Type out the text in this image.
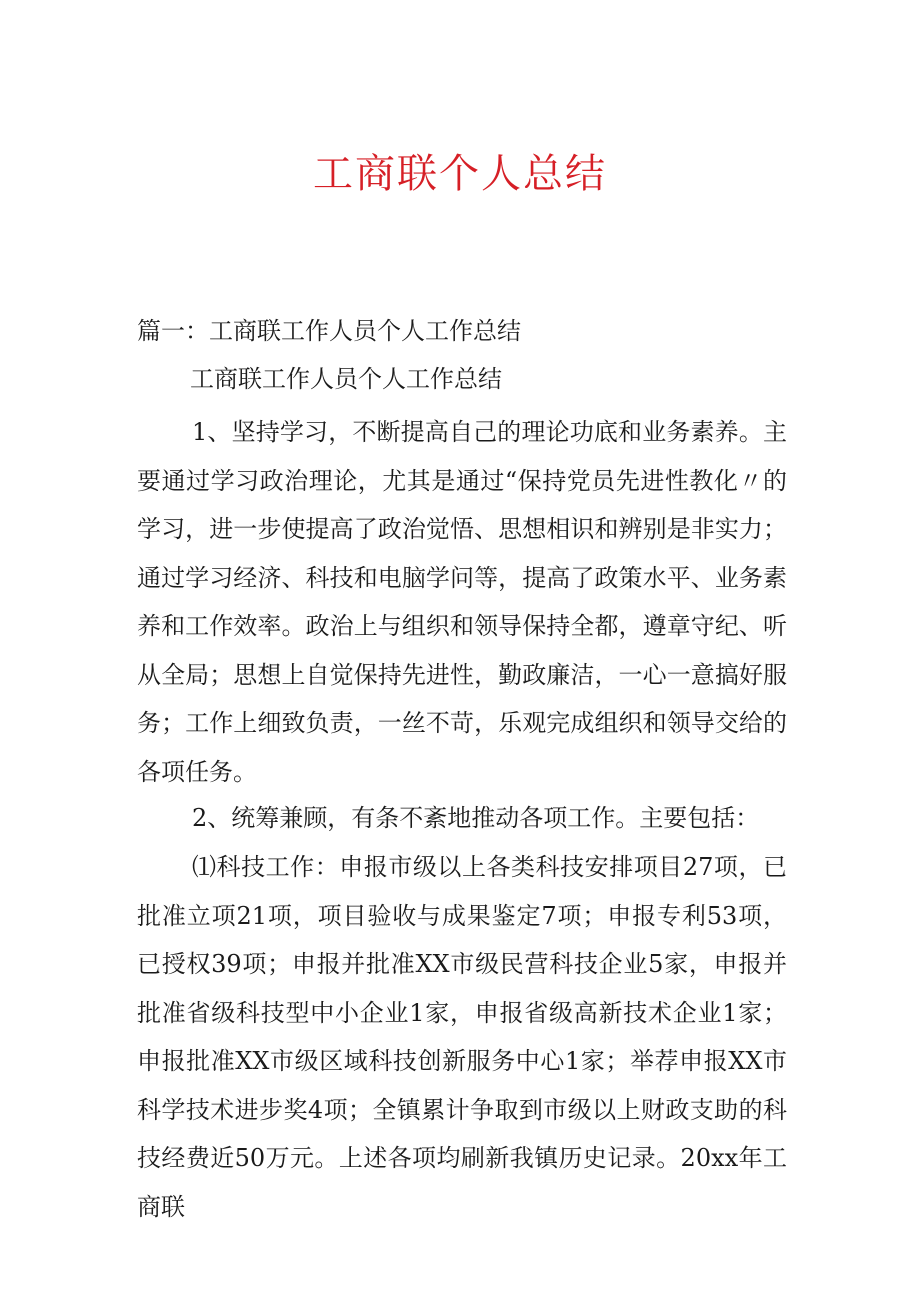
工商联个人总结
篇一：工商联工作人员个人工作总结
工商联工作人员个人工作总结

1、坚持学习，不断提高自己的理论功底和业务素养。主要通过学习政治理论，尤其是通过“保持党员先进性教化〃的学习，进一步使提高了政治觉悟、思想相识和辨别是非实力；通过学习经济、科技和电脑学问等，提高了政策水平、业务素养和工作效率。政治上与组织和领导保持全都，遵章守纪、听从全局；思想上自觉保持先进性，勤政廉洁，一心一意搞好服务；工作上细致负责，一丝不苛，乐观完成组织和领导交给的各项任务。

2、统筹兼顾，有条不紊地推动各项工作。主要包括：

⑴科技工作：申报市级以上各类科技安排项目27项，已批准立项21项，项目验收与成果鉴定7项；申报专利53项，已授权39项；申报并批准XX市级民营科技企业5家，申报并批准省级科技型中小企业1家，申报省级高新技术企业1家；申报批准XX市级区域科技创新服务中心1家；举荐申报XX市科学技术进步奖4项；全镇累计争取到市级以上财政支助的科技经费近50万元。上述各项均刷新我镇历史记录。20xx年工商联
